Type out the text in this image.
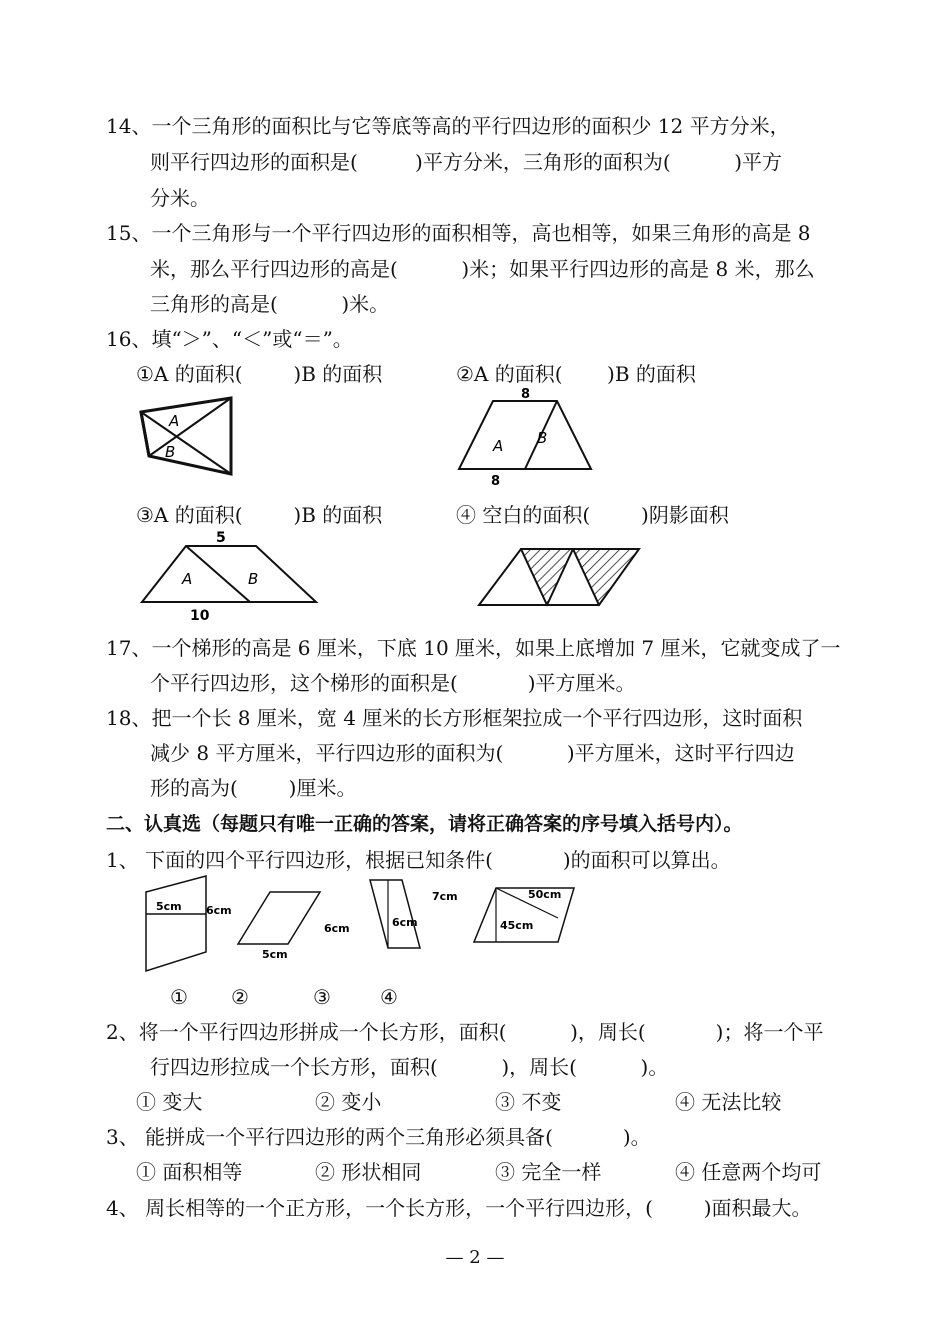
14、一个三角形的面积比与它等底等高的平行四边形的面积少 12 平方分米，
则平行四边形的面积是(         )平方分米，三角形的面积为(          )平方
分米。
15、一个三角形与一个平行四边形的面积相等，高也相等，如果三角形的高是 8
米，那么平行四边形的高是(          )米；如果平行四边形的高是 8 米，那么
三角形的高是(          )米。
16、填“＞”、“＜”或“＝”。
①A 的面积(        )B 的面积	②A 的面积(       )B 的面积
A
B
8
A B
8
③A 的面积(        )B 的面积	④ 空白的面积(        )阴影面积
5
A	B
10
17、一个梯形的高是 6 厘米，下底 10 厘米，如果上底增加 7 厘米，它就变成了一
个平行四边形，这个梯形的面积是(           )平方厘米。
18、把一个长 8 厘米，宽 4 厘米的长方形框架拉成一个平行四边形，这时面积
减少 8 平方厘米，平行四边形的面积为(          )平方厘米，这时平行四边
形的高为(        )厘米。
二、认真选（每题只有唯一正确的答案，请将正确答案的序号填入括号内）。
1、 下面的四个平行四边形，根据已知条件(           )的面积可以算出。
5cm 6cm
5cm
6cm
7cm
6cm
50cm
45cm
① ②	③ ④
2、将一个平行四边形拼成一个长方形，面积(          )，周长(           )；将一个平
行四边形拉成一个长方形，面积(          )，周长(          )。
① 变大	② 变小	③ 不变	④ 无法比较
3、 能拼成一个平行四边形的两个三角形必须具备(           )。
① 面积相等	② 形状相同	③ 完全一样	④ 任意两个均可
4、 周长相等的一个正方形，一个长方形，一个平行四边形，(        )面积最大。
— 2 —
